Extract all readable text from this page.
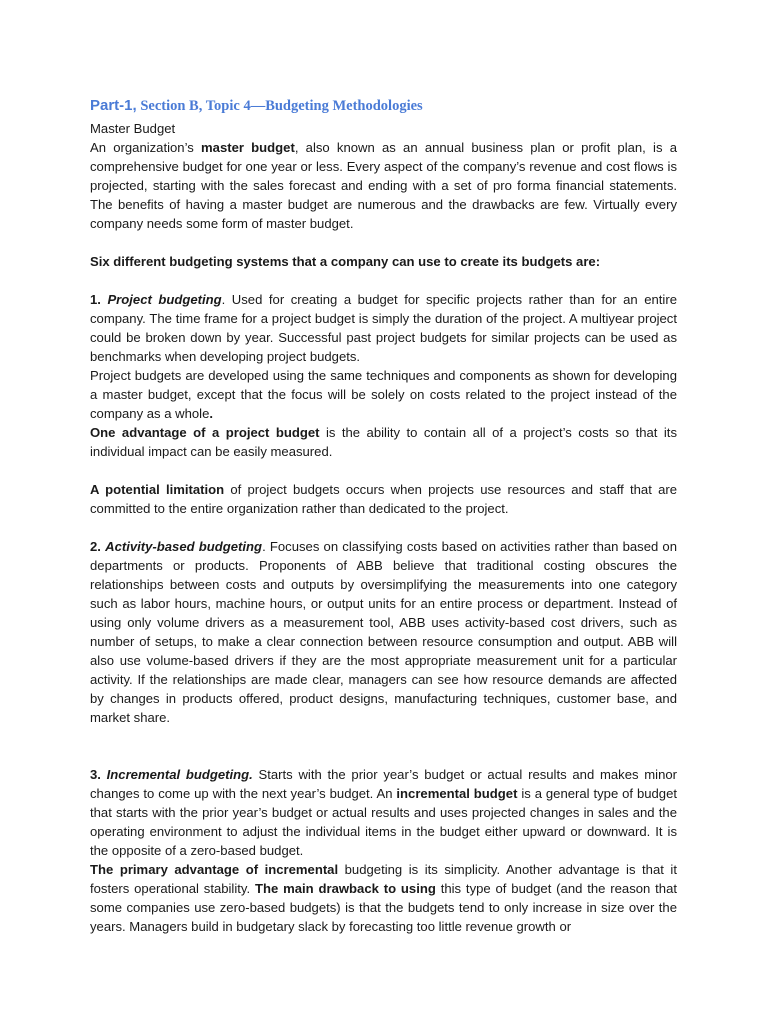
Part-1, Section B, Topic 4—Budgeting Methodologies

Master Budget

An organization’s master budget, also known as an annual business plan or profit plan, is a comprehensive budget for one year or less. Every aspect of the company’s revenue and cost flows is projected, starting with the sales forecast and ending with a set of pro forma financial statements. The benefits of having a master budget are numerous and the drawbacks are few. Virtually every company needs some form of master budget.

Six different budgeting systems that a company can use to create its budgets are:

1. Project budgeting. Used for creating a budget for specific projects rather than for an entire company. The time frame for a project budget is simply the duration of the project. A multiyear project could be broken down by year. Successful past project budgets for similar projects can be used as benchmarks when developing project budgets.

Project budgets are developed using the same techniques and components as shown for developing a master budget, except that the focus will be solely on costs related to the project instead of the company as a whole.

One advantage of a project budget is the ability to contain all of a project’s costs so that its individual impact can be easily measured.

A potential limitation of project budgets occurs when projects use resources and staff that are committed to the entire organization rather than dedicated to the project.

2. Activity-based budgeting. Focuses on classifying costs based on activities rather than based on departments or products. Proponents of ABB believe that traditional costing obscures the relationships between costs and outputs by oversimplifying the measurements into one category such as labor hours, machine hours, or output units for an entire process or department. Instead of using only volume drivers as a measurement tool, ABB uses activity-based cost drivers, such as number of setups, to make a clear connection between resource consumption and output. ABB will also use volume-based drivers if they are the most appropriate measurement unit for a particular activity. If the relationships are made clear, managers can see how resource demands are affected by changes in products offered, product designs, manufacturing techniques, customer base, and market share.

3. Incremental budgeting. Starts with the prior year’s budget or actual results and makes minor changes to come up with the next year’s budget. An incremental budget is a general type of budget that starts with the prior year’s budget or actual results and uses projected changes in sales and the operating environment to adjust the individual items in the budget either upward or downward. It is the opposite of a zero-based budget.

The primary advantage of incremental budgeting is its simplicity. Another advantage is that it fosters operational stability. The main drawback to using this type of budget (and the reason that some companies use zero-based budgets) is that the budgets tend to only increase in size over the years. Managers build in budgetary slack by forecasting too little revenue growth or
